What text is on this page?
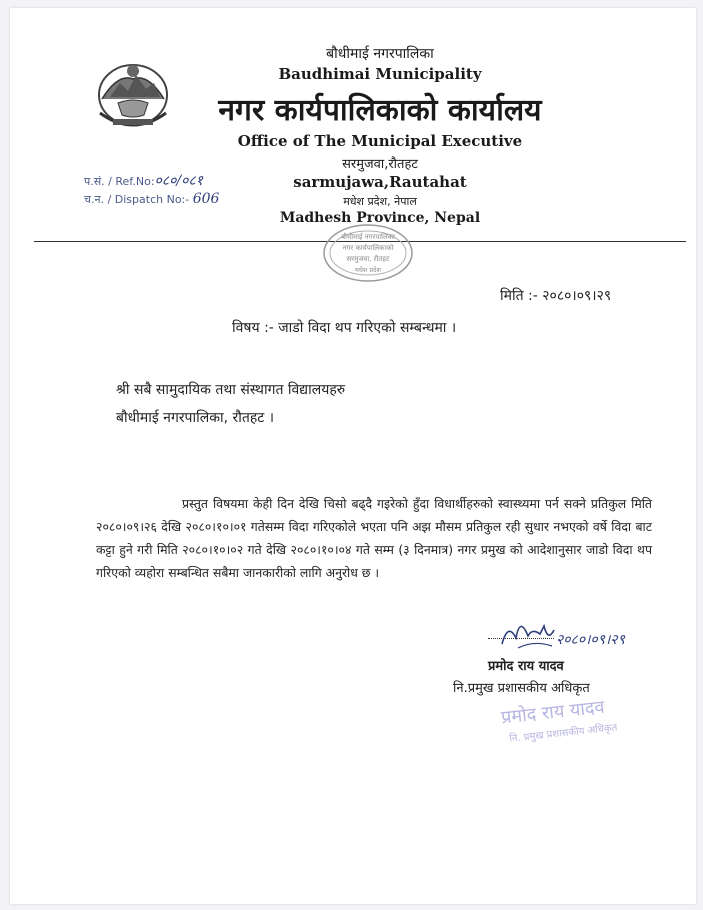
बौधीमाई नगरपालिका
Baudhimai Municipality
नगर कार्यपालिकाको कार्यालय
Office of The Municipal Executive
सरमुजवा,रौतहट
sarmujawa,Rautahat
मधेश प्रदेश, नेपाल
Madhesh Province, Nepal
प.सं. / Ref.No:०८०/०८१
च.न. / Dispatch No:- 606
बौधीमाई नगरपालिका
नगर कार्यपालिकाको
सरमुजवा, रौतहट
मधेश प्रदेश
मिति :- २०८०।०९।२९
विषय :- जाडो विदा थप गरिएको सम्बन्धमा ।
श्री सबै सामुदायिक तथा संस्थागत विद्यालयहरु
बौधीमाई नगरपालिका, रौतहट ।
प्रस्तुत विषयमा केही दिन देखि चिसो बढ्दै गइरेको हुँदा विधार्थीहरुको स्वास्थ्यमा पर्न सक्ने प्रतिकुल मिति २०८०।०९।२६ देखि २०८०।१०।०१ गतेसम्म विदा गरिएकोले भएता पनि अझ मौसम प्रतिकुल रही सुधार नभएको वर्षे विदा बाट कट्टा हुने गरी मिति २०८०।१०।०२ गते देखि २०८०।१०।०४ गते सम्म (३ दिनमात्र) नगर प्रमुख को आदेशानुसार जाडो विदा थप गरिएको व्यहोरा सम्बन्धित सबैमा जानकारीको लागि अनुरोध छ ।
२०८०।०९।२९
प्रमोद राय यादव
नि.प्रमुख प्रशासकीय अधिकृत
प्रमोद राय यादव
नि. प्रमुख प्रशासकीय अधिकृत
